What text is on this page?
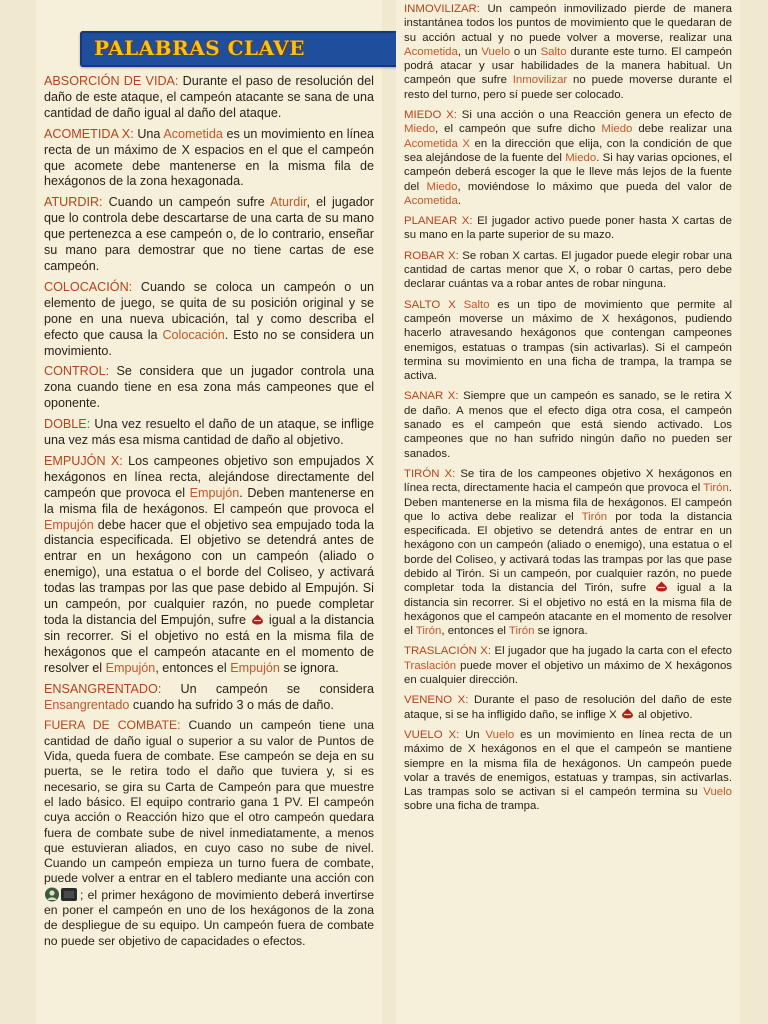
PALABRAS CLAVE

ABSORCIÓN DE VIDA: Durante el paso de resolución del daño de este ataque, el campeón atacante se sana de una cantidad de daño igual al daño del ataque.

ACOMETIDA X: Una Acometida es un movimiento en línea recta de un máximo de X espacios en el que el campeón que acomete debe mantenerse en la misma fila de hexágonos de la zona hexagonada.

ATURDIR: Cuando un campeón sufre Aturdir, el jugador que lo controla debe descartarse de una carta de su mano que pertenezca a ese campeón o, de lo contrario, enseñar su mano para demostrar que no tiene cartas de ese campeón.

COLOCACIÓN: Cuando se coloca un campeón o un elemento de juego, se quita de su posición original y se pone en una nueva ubicación, tal y como describa el efecto que causa la Colocación. Esto no se considera un movimiento.

CONTROL: Se considera que un jugador controla una zona cuando tiene en esa zona más campeones que el oponente.

DOBLE: Una vez resuelto el daño de un ataque, se inflige una vez más esa misma cantidad de daño al objetivo.

EMPUJÓN X: Los campeones objetivo son empujados X hexágonos en línea recta, alejándose directamente del campeón que provoca el Empujón. Deben mantenerse en la misma fila de hexágonos. El campeón que provoca el Empujón debe hacer que el objetivo sea empujado toda la distancia especificada. El objetivo se detendrá antes de entrar en un hexágono con un campeón (aliado o enemigo), una estatua o el borde del Coliseo, y activará todas las trampas por las que pase debido al Empujón. Si un campeón, por cualquier razón, no puede completar toda la distancia del Empujón, sufre  igual a la distancia sin recorrer. Si el objetivo no está en la misma fila de hexágonos que el campeón atacante en el momento de resolver el Empujón, entonces el Empujón se ignora.

ENSANGRENTADO: Un campeón se considera Ensangrentado cuando ha sufrido 3 o más de daño.

FUERA DE COMBATE: Cuando un campeón tiene una cantidad de daño igual o superior a su valor de Puntos de Vida, queda fuera de combate. Ese campeón se deja en su puerta, se le retira todo el daño que tuviera y, si es necesario, se gira su Carta de Campeón para que muestre el lado básico. El equipo contrario gana 1 PV. El campeón cuya acción o Reacción hizo que el otro campeón quedara fuera de combate sube de nivel inmediatamente, a menos que estuvieran aliados, en cuyo caso no sube de nivel. Cuando un campeón empieza un turno fuera de combate, puede volver a entrar en el tablero mediante una acción con ; el primer hexágono de movimiento deberá invertirse en poner el campeón en uno de los hexágonos de la zona de despliegue de su equipo. Un campeón fuera de combate no puede ser objetivo de capacidades o efectos.

INMOVILIZAR: Un campeón inmovilizado pierde de manera instantánea todos los puntos de movimiento que le quedaran de su acción actual y no puede volver a moverse, realizar una Acometida, un Vuelo o un Salto durante este turno. El campeón podrá atacar y usar habilidades de la manera habitual. Un campeón que sufre Inmovilizar no puede moverse durante el resto del turno, pero sí puede ser colocado.

MIEDO X: Si una acción o una Reacción genera un efecto de Miedo, el campeón que sufre dicho Miedo debe realizar una Acometida X en la dirección que elija, con la condición de que sea alejándose de la fuente del Miedo. Si hay varias opciones, el campeón deberá escoger la que le lleve más lejos de la fuente del Miedo, moviéndose lo máximo que pueda del valor de Acometida.

PLANEAR X: El jugador activo puede poner hasta X cartas de su mano en la parte superior de su mazo.

ROBAR X: Se roban X cartas. El jugador puede elegir robar una cantidad de cartas menor que X, o robar 0 cartas, pero debe declarar cuántas va a robar antes de robar ninguna.

SALTO X Salto es un tipo de movimiento que permite al campeón moverse un máximo de X hexágonos, pudiendo hacerlo atravesando hexágonos que contengan campeones enemigos, estatuas o trampas (sin activarlas). Si el campeón termina su movimiento en una ficha de trampa, la trampa se activa.

SANAR X: Siempre que un campeón es sanado, se le retira X de daño. A menos que el efecto diga otra cosa, el campeón sanado es el campeón que está siendo activado. Los campeones que no han sufrido ningún daño no pueden ser sanados.

TIRÓN X: Se tira de los campeones objetivo X hexágonos en línea recta, directamente hacia el campeón que provoca el Tirón. Deben mantenerse en la misma fila de hexágonos. El campeón que lo activa debe realizar el Tirón por toda la distancia especificada. El objetivo se detendrá antes de entrar en un hexágono con un campeón (aliado o enemigo), una estatua o el borde del Coliseo, y activará todas las trampas por las que pase debido al Tirón. Si un campeón, por cualquier razón, no puede completar toda la distancia del Tirón, sufre  igual a la distancia sin recorrer. Si el objetivo no está en la misma fila de hexágonos que el campeón atacante en el momento de resolver el Tirón, entonces el Tirón se ignora.

TRASLACIÓN X: El jugador que ha jugado la carta con el efecto Traslación puede mover el objetivo un máximo de X hexágonos en cualquier dirección.

VENENO X: Durante el paso de resolución del daño de este ataque, si se ha infligido daño, se inflige X  al objetivo.

VUELO X: Un Vuelo es un movimiento en línea recta de un máximo de X hexágonos en el que el campeón se mantiene siempre en la misma fila de hexágonos. Un campeón puede volar a través de enemigos, estatuas y trampas, sin activarlas. Las trampas solo se activan si el campeón termina su Vuelo sobre una ficha de trampa.
